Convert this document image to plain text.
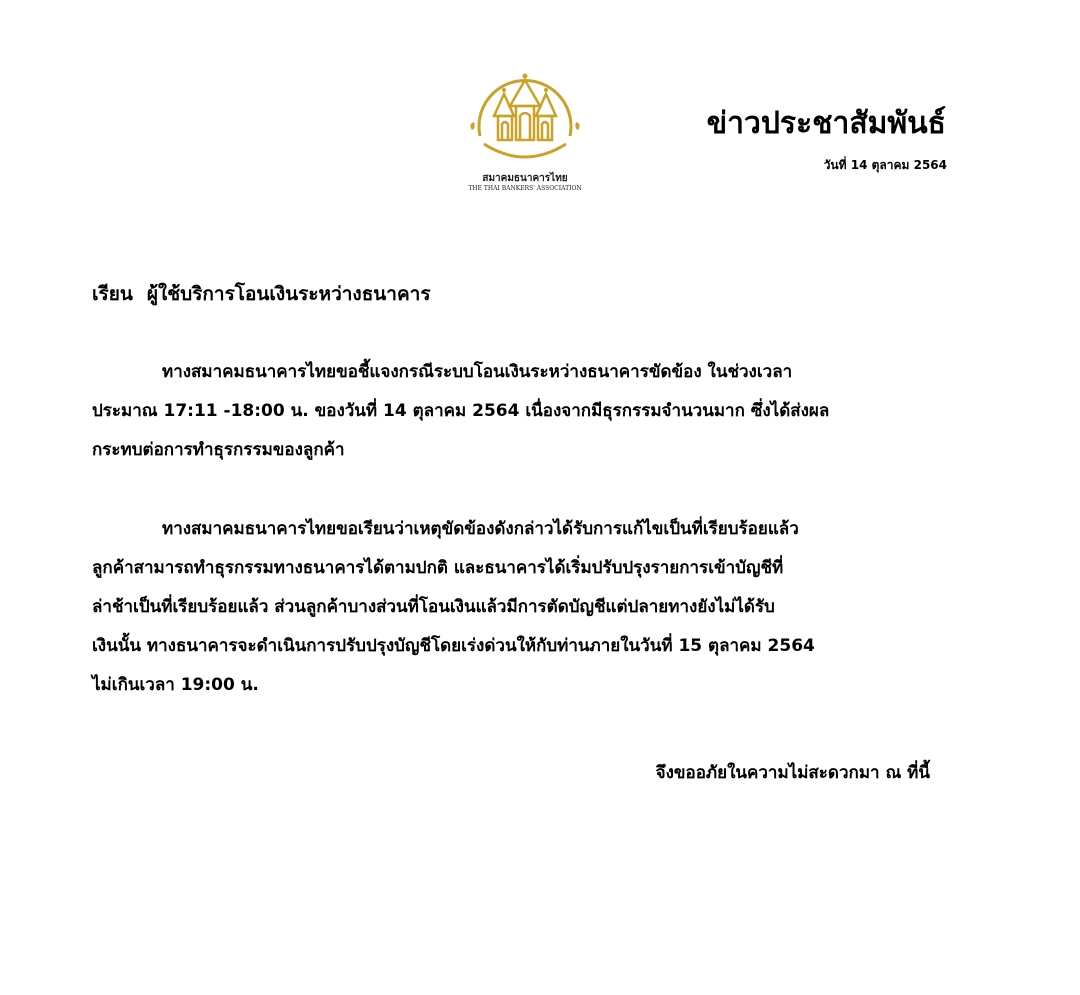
สมาคมธนาคารไทย
THE THAI BANKERS' ASSOCIATION
ข่าวประชาสัมพันธ์
วันที่ 14 ตุลาคม 2564
เรียน ผู้ใช้บริการโอนเงินระหว่างธนาคาร
ทางสมาคมธนาคารไทยขอชี้แจงกรณีระบบโอนเงินระหว่างธนาคารขัดข้อง ในช่วงเวลา
ประมาณ 17:11 -18:00 น. ของวันที่ 14 ตุลาคม 2564 เนื่องจากมีธุรกรรมจำนวนมาก ซึ่งได้ส่งผล
กระทบต่อการทำธุรกรรมของลูกค้า
ทางสมาคมธนาคารไทยขอเรียนว่าเหตุขัดข้องดังกล่าวได้รับการแก้ไขเป็นที่เรียบร้อยแล้ว
ลูกค้าสามารถทำธุรกรรมทางธนาคารได้ตามปกติ และธนาคารได้เริ่มปรับปรุงรายการเข้าบัญชีที่
ล่าช้าเป็นที่เรียบร้อยแล้ว ส่วนลูกค้าบางส่วนที่โอนเงินแล้วมีการตัดบัญชีแต่ปลายทางยังไม่ได้รับ
เงินนั้น ทางธนาคารจะดำเนินการปรับปรุงบัญชีโดยเร่งด่วนให้กับท่านภายในวันที่ 15 ตุลาคม 2564
ไม่เกินเวลา 19:00 น.
จึงขออภัยในความไม่สะดวกมา ณ ที่นี้
